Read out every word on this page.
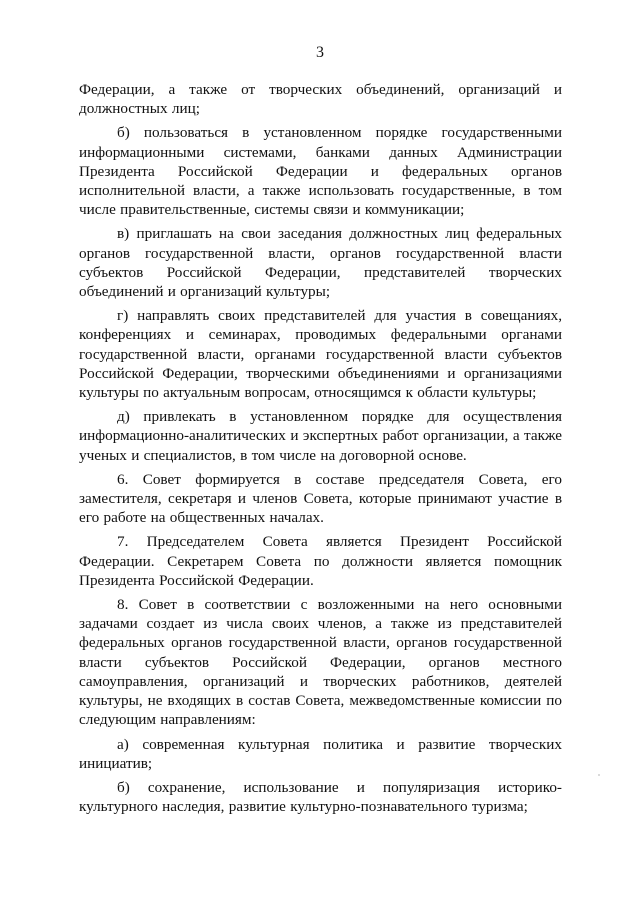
3

Федерации, а также от творческих объединений, организаций и должностных лиц;

б) пользоваться в установленном порядке государственными информационными системами, банками данных Администрации Президента Российской Федерации и федеральных органов исполнительной власти, а также использовать государственные, в том числе правительственные, системы связи и коммуникации;

в) приглашать на свои заседания должностных лиц федеральных органов государственной власти, органов государственной власти субъектов Российской Федерации, представителей творческих объединений и организаций культуры;

г) направлять своих представителей для участия в совещаниях, конференциях и семинарах, проводимых федеральными органами государственной власти, органами государственной власти субъектов Российской Федерации, творческими объединениями и организациями культуры по актуальным вопросам, относящимся к области культуры;

д) привлекать в установленном порядке для осуществления информационно-аналитических и экспертных работ организации, а также ученых и специалистов, в том числе на договорной основе.

6. Совет формируется в составе председателя Совета, его заместителя, секретаря и членов Совета, которые принимают участие в его работе на общественных началах.

7. Председателем Совета является Президент Российской Федерации. Секретарем Совета по должности является помощник Президента Российской Федерации.

8. Совет в соответствии с возложенными на него основными задачами создает из числа своих членов, а также из представителей федеральных органов государственной власти, органов государственной власти субъектов Российской Федерации, органов местного самоуправления, организаций и творческих работников, деятелей культуры, не входящих в состав Совета, межведомственные комиссии по следующим направлениям:

а) современная культурная политика и развитие творческих инициатив;

б) сохранение, использование и популяризация историко-культурного наследия, развитие культурно-познавательного туризма;
